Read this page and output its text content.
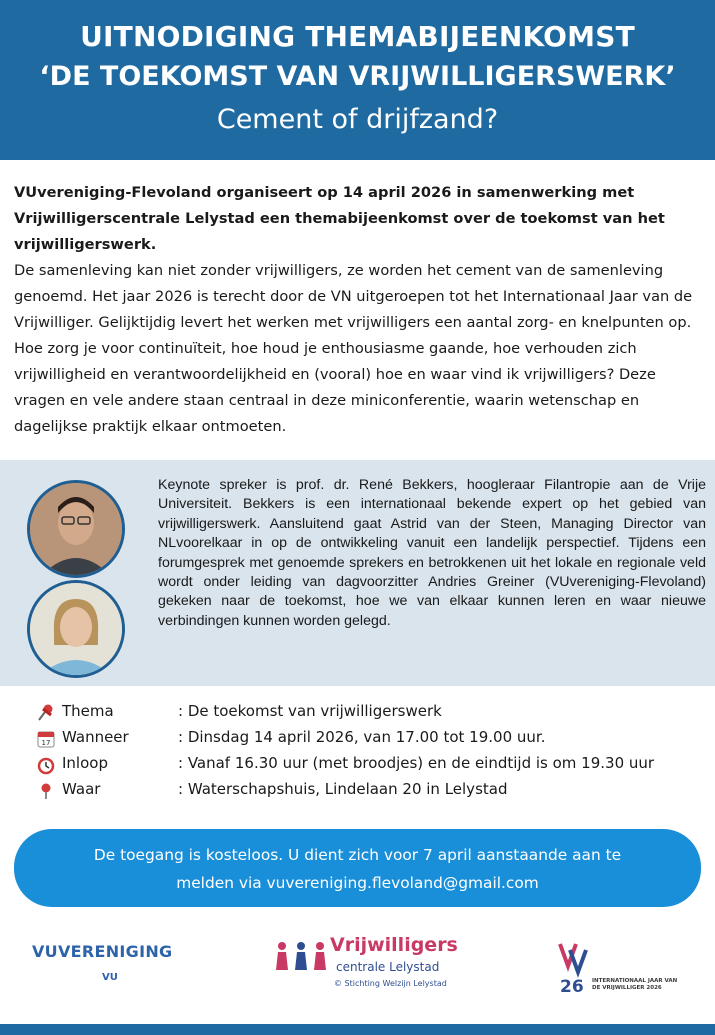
UITNODIGING THEMABIJEENKOMST
‘DE TOEKOMST VAN VRIJWILLIGERSWERK’
Cement of drijfzand?
VUvereniging-Flevoland organiseert op 14 april 2026 in samenwerking met Vrijwilligerscentrale Lelystad een themabijeenkomst over de toekomst van het vrijwilligerswerk.
De samenleving kan niet zonder vrijwilligers, ze worden het cement van de samenleving genoemd. Het jaar 2026 is terecht door de VN uitgeroepen tot het Internationaal Jaar van de Vrijwilliger. Gelijktijdig levert het werken met vrijwilligers een aantal zorg- en knelpunten op. Hoe zorg je voor continuïteit, hoe houd je enthousiasme gaande, hoe verhouden zich vrijwilligheid en verantwoordelijkheid en (vooral) hoe en waar vind ik vrijwilligers? Deze vragen en vele andere staan centraal in deze miniconferentie, waarin wetenschap en dagelijkse praktijk elkaar ontmoeten.
Keynote spreker is prof. dr. René Bekkers, hoogleraar Filantropie aan de Vrije Universiteit. Bekkers is een internationaal bekende expert op het gebied van vrijwilligerswerk. Aansluitend gaat Astrid van der Steen, Managing Director van NLvoorelkaar in op de ontwikkeling vanuit een landelijk perspectief. Tijdens een forumgesprek met genoemde sprekers en betrokkenen uit het lokale en regionale veld wordt onder leiding van dagvoorzitter Andries Greiner (VUvereniging-Flevoland) gekeken naar de toekomst, hoe we van elkaar kunnen leren en waar nieuwe verbindingen kunnen worden gelegd.
Thema	: De toekomst van vrijwilligerswerk
17 Wanneer	: Dinsdag 14 april 2026, van 17.00 tot 19.00 uur.
Inloop	: Vanaf 16.30 uur (met broodjes) en de eindtijd is om 19.30 uur
Waar	: Waterschapshuis, Lindelaan 20 in Lelystad
De toegang is kosteloos. U dient zich voor 7 april aanstaande aan te
melden via vuvereniging.flevoland@gmail.com
VUVERENIGING
VU
Vrijwilligers
centrale Lelystad
© Stichting Welzijn Lelystad	26 INTERNATIONAAL JAAR VAN DE VRIJWILLIGER 2026
